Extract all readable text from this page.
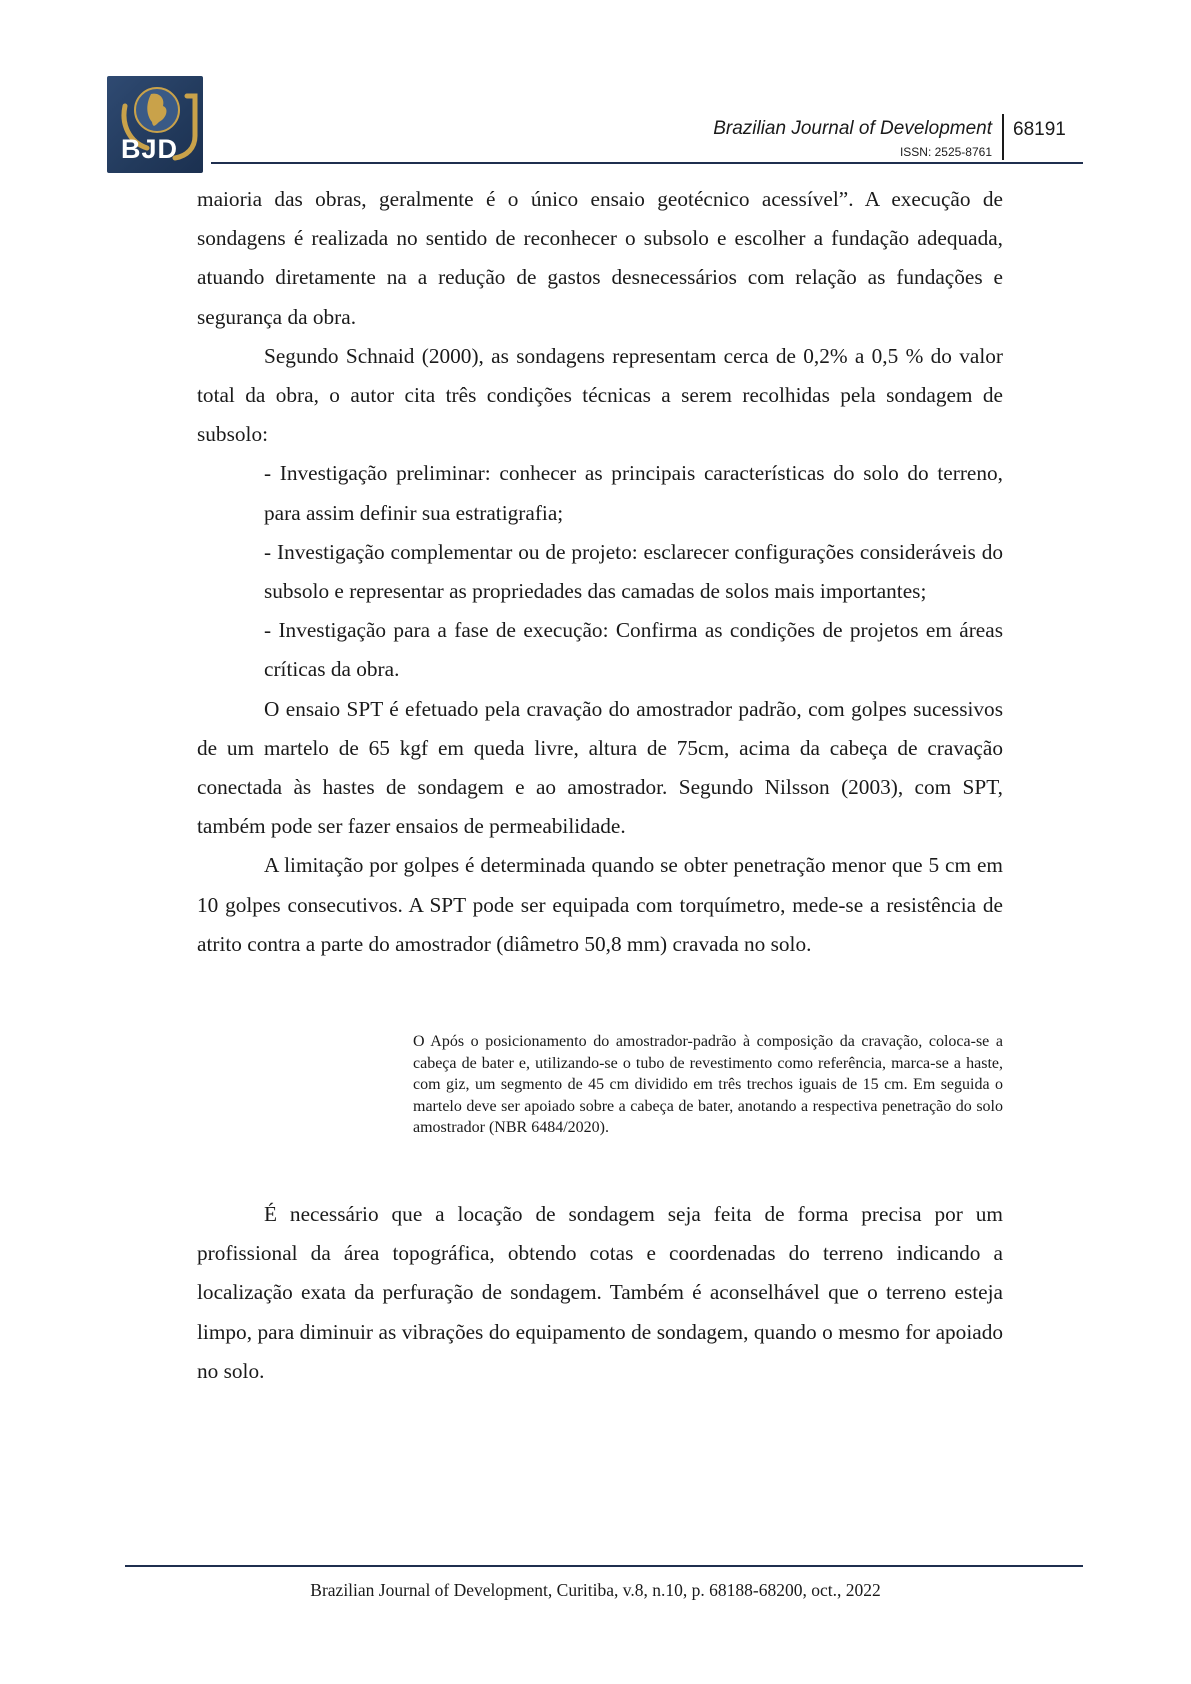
BJD
Brazilian Journal of Development
ISSN: 2525-8761
68191

maioria das obras, geralmente é o único ensaio geotécnico acessível”. A execução de sondagens é realizada no sentido de reconhecer o subsolo e escolher a fundação adequada, atuando diretamente na a redução de gastos desnecessários com relação as fundações e segurança da obra.

Segundo Schnaid (2000), as sondagens representam cerca de 0,2% a 0,5 % do valor total da obra, o autor cita três condições técnicas a serem recolhidas pela sondagem de subsolo:

- Investigação preliminar: conhecer as principais características do solo do terreno, para assim definir sua estratigrafia;

- Investigação complementar ou de projeto: esclarecer configurações consideráveis do subsolo e representar as propriedades das camadas de solos mais importantes;

- Investigação para a fase de execução: Confirma as condições de projetos em áreas críticas da obra.

O ensaio SPT é efetuado pela cravação do amostrador padrão, com golpes sucessivos de um martelo de 65 kgf em queda livre, altura de 75cm, acima da cabeça de cravação conectada às hastes de sondagem e ao amostrador. Segundo Nilsson (2003), com SPT, também pode ser fazer ensaios de permeabilidade.

A limitação por golpes é determinada quando se obter penetração menor que 5 cm em 10 golpes consecutivos. A SPT pode ser equipada com torquímetro, mede-se a resistência de atrito contra a parte do amostrador (diâmetro 50,8 mm) cravada no solo.

O Após o posicionamento do amostrador-padrão à composição da cravação, coloca-se a cabeça de bater e, utilizando-se o tubo de revestimento como referência, marca-se a haste, com giz, um segmento de 45 cm dividido em três trechos iguais de 15 cm. Em seguida o martelo deve ser apoiado sobre a cabeça de bater, anotando a respectiva penetração do solo amostrador (NBR 6484/2020).

É necessário que a locação de sondagem seja feita de forma precisa por um profissional da área topográfica, obtendo cotas e coordenadas do terreno indicando a localização exata da perfuração de sondagem. Também é aconselhável que o terreno esteja limpo, para diminuir as vibrações do equipamento de sondagem, quando o mesmo for apoiado no solo.

Brazilian Journal of Development, Curitiba, v.8, n.10, p. 68188-68200, oct., 2022
